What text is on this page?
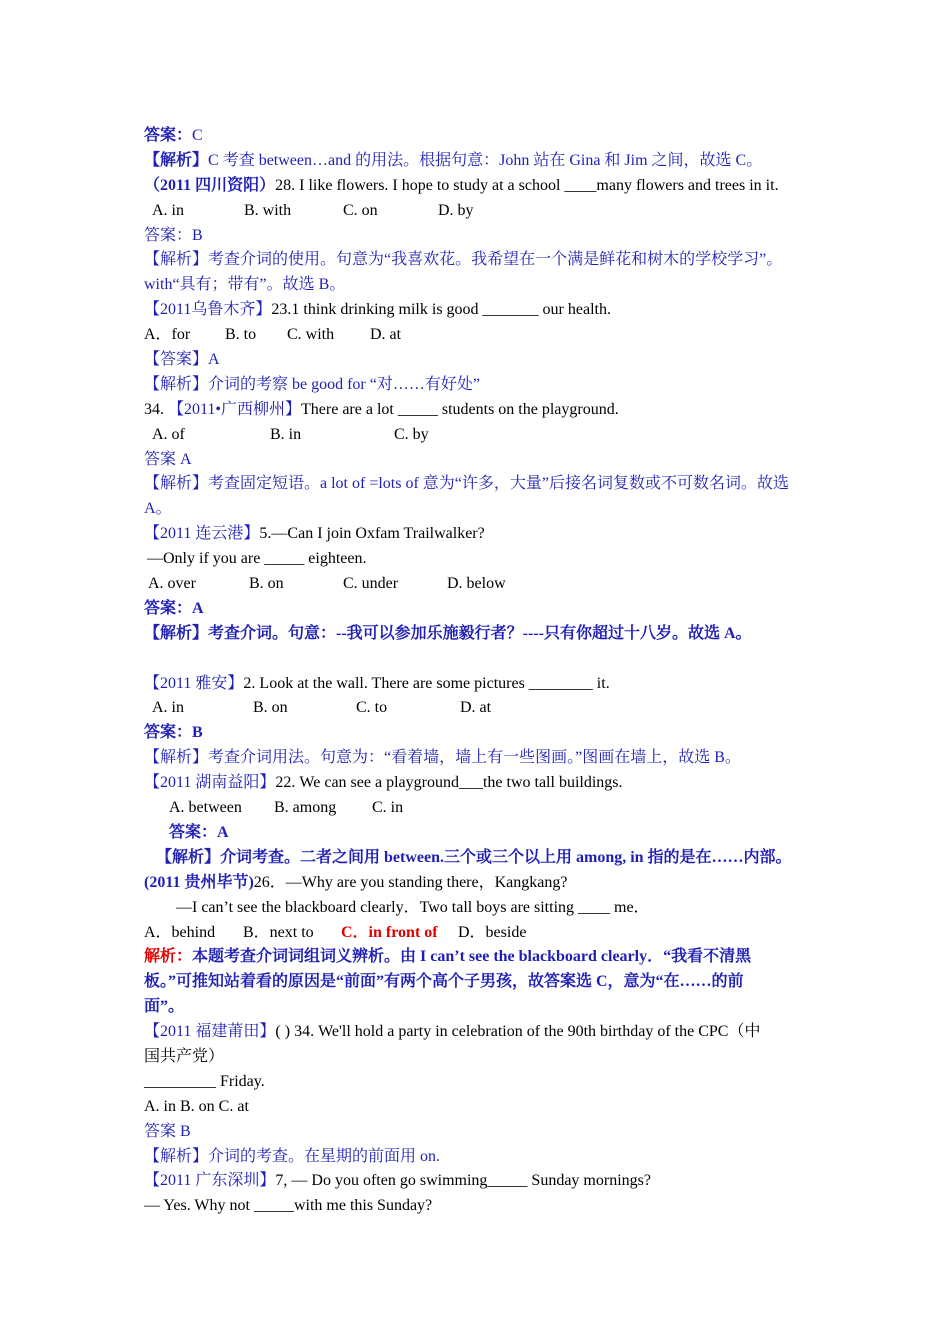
答案：C
【解析】C 考查 between…and 的用法。根据句意：John 站在 Gina 和 Jim 之间，故选 C。
（2011 四川资阳）28. I like flowers. I hope to study at a school ____many flowers and trees in it.
A. in	B. with	C. on	D. by
答案：B
【解析】考查介词的使用。句意为“我喜欢花。我希望在一个满是鲜花和树木的学校学习”。
with“具有；带有”。故选 B。
【2011乌鲁木齐】23.1 think drinking milk is good _______ our health.
A．for B. to C. with D. at
【答案】A
【解析】介词的考察 be good for “对……有好处”
34. 【2011•广西柳州】There are a lot _____ students on the playground.
A. of	B. in	C. by
答案 A
【解析】考查固定短语。a lot of =lots of 意为“许多，大量”后接名词复数或不可数名词。故选
A。
【2011 连云港】5.—Can I join Oxfam Trailwalker?
—Only if you are _____ eighteen.
A. over	B. on	C. under	D. below
答案：A
【解析】考查介词。句意：--我可以参加乐施毅行者？----只有你超过十八岁。故选 A。
【2011 雅安】2. Look at the wall. There are some pictures ________ it.
A. in	B. on	C. to	D. at
答案：B
【解析】考查介词用法。句意为：“看着墙，墙上有一些图画。”图画在墙上，故选 B。
【2011 湖南益阳】22. We can see a playground___the two tall buildings.
A. between B. among C. in
答案：A
【解析】介词考查。二者之间用 between.三个或三个以上用 among, in 指的是在……内部。
(2011 贵州毕节)26．—Why are you standing there，Kangkang?
—I can’t see the blackboard clearly．Two tall boys are sitting ____ me．
A．behind B．next to C．in front of D．beside
解析：本题考查介词词组词义辨析。由 I can’t see the blackboard clearly．“我看不清黑
板。”可推知站着看的原因是“前面”有两个高个子男孩，故答案选 C，意为“在……的前
面”。
【2011 福建莆田】( ) 34. We'll hold a party in celebration of the 90th birthday of the CPC（中
国共产党）
_________ Friday.
A. in B. on C. at
答案 B
【解析】介词的考查。在星期的前面用 on.
【2011 广东深圳】7, — Do you often go swimming_____ Sunday mornings?
— Yes. Why not _____with me this Sunday?
